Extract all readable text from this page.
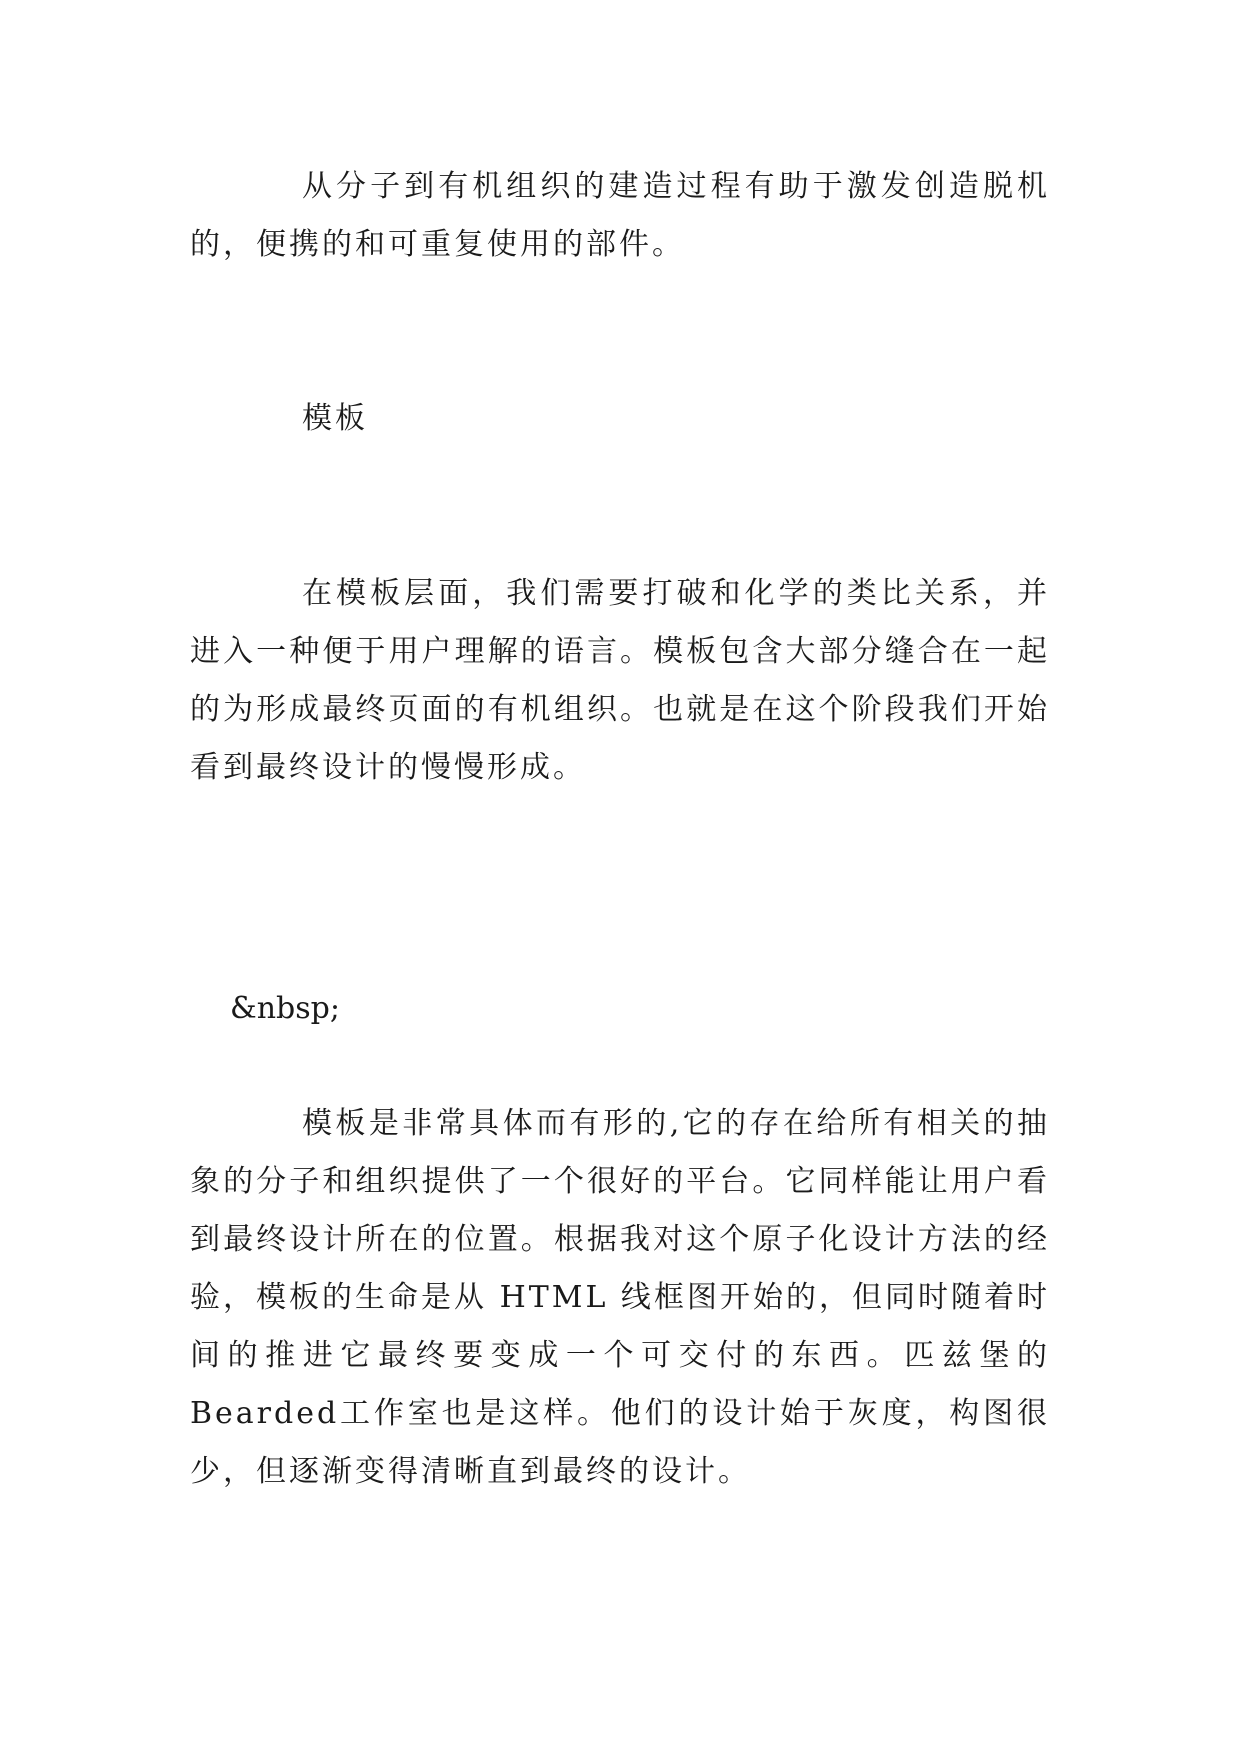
从分子到有机组织的建造过程有助于激发创造脱机的，便携的和可重复使用的部件。

模板

在模板层面，我们需要打破和化学的类比关系，并进入一种便于用户理解的语言。模板包含大部分缝合在一起的为形成最终页面的有机组织。也就是在这个阶段我们开始看到最终设计的慢慢形成。

&nbsp;

模板是非常具体而有形的,它的存在给所有相关的抽象的分子和组织提供了一个很好的平台。它同样能让用户看到最终设计所在的位置。根据我对这个原子化设计方法的经验，模板的生命是从 HTML 线框图开始的，但同时随着时间的推进它最终要变成一个可交付的东西。匹兹堡的Bearded工作室也是这样。他们的设计始于灰度，构图很少，但逐渐变得清晰直到最终的设计。
